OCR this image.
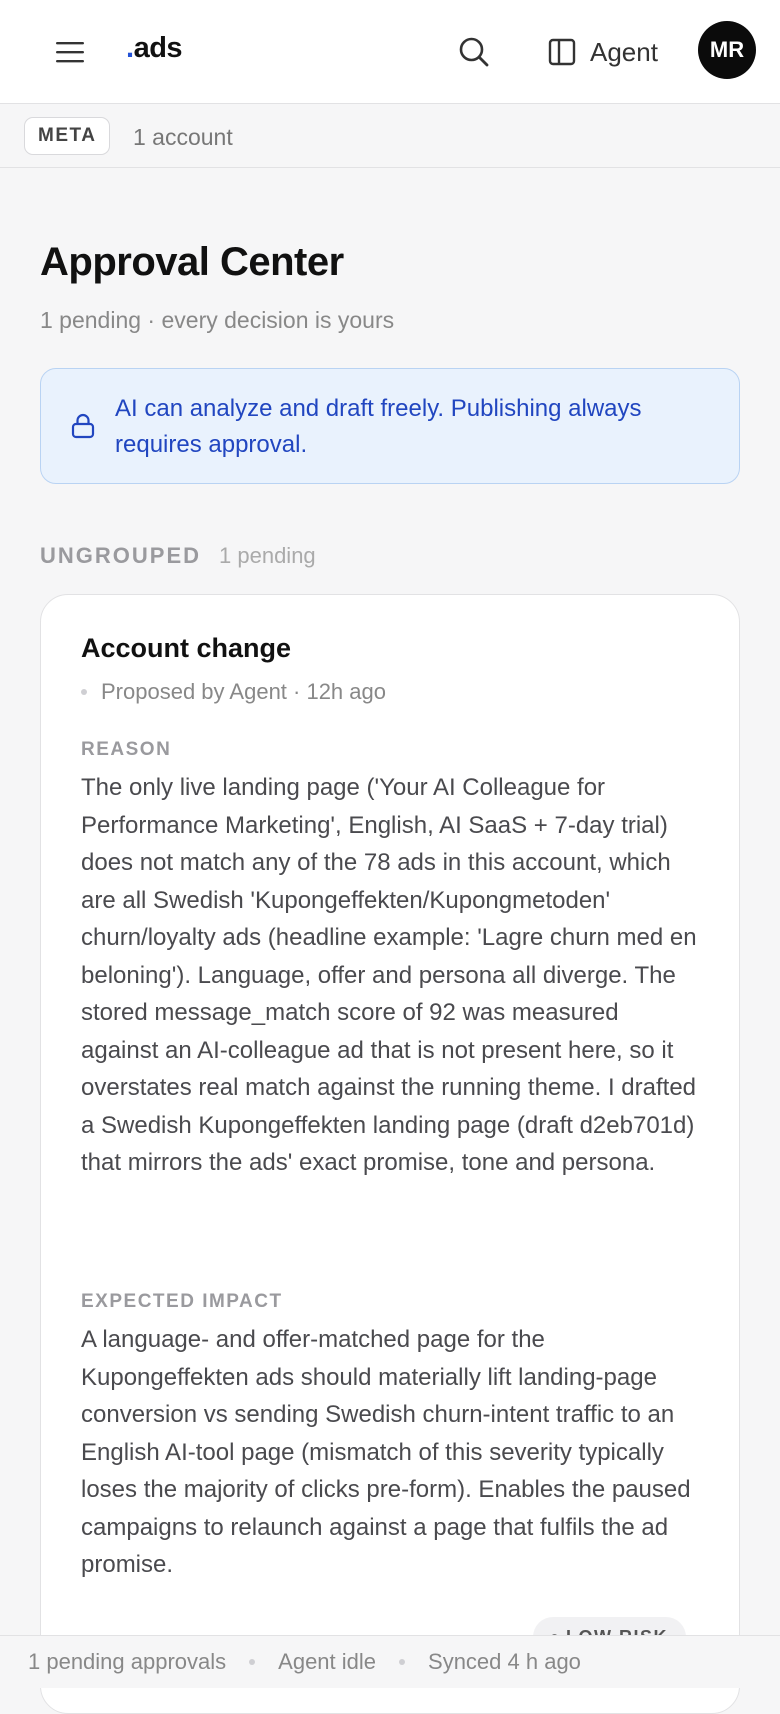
.ads	Agent	MR
META	1 account
Approval Center
1 pending · every decision is yours
AI can analyze and draft freely. Publishing always requires approval.
UNGROUPED 1 pending
Account change
Proposed by Agent · 12h ago
REASON
The only live landing page ('Your AI Colleague for Performance Marketing', English, AI SaaS + 7-day trial) does not match any of the 78 ads in this account, which are all Swedish 'Kupongeffekten/Kupongmetoden' churn/loyalty ads (headline example: 'Lagre churn med en beloning'). Language, offer and persona all diverge. The stored message_match score of 92 was measured against an AI-colleague ad that is not present here, so it overstates real match against the running theme. I drafted a Swedish Kupongeffekten landing page (draft d2eb701d) that mirrors the ads' exact promise, tone and persona.
EXPECTED IMPACT
A language- and offer-matched page for the Kupongeffekten ads should materially lift landing-page conversion vs sending Swedish churn-intent traffic to an English AI-tool page (mismatch of this severity typically loses the majority of clicks pre-form). Enables the paused campaigns to relaunch against a page that fulfils the ad promise.
1 pending approvals Agent idle Synced 4 h ago
